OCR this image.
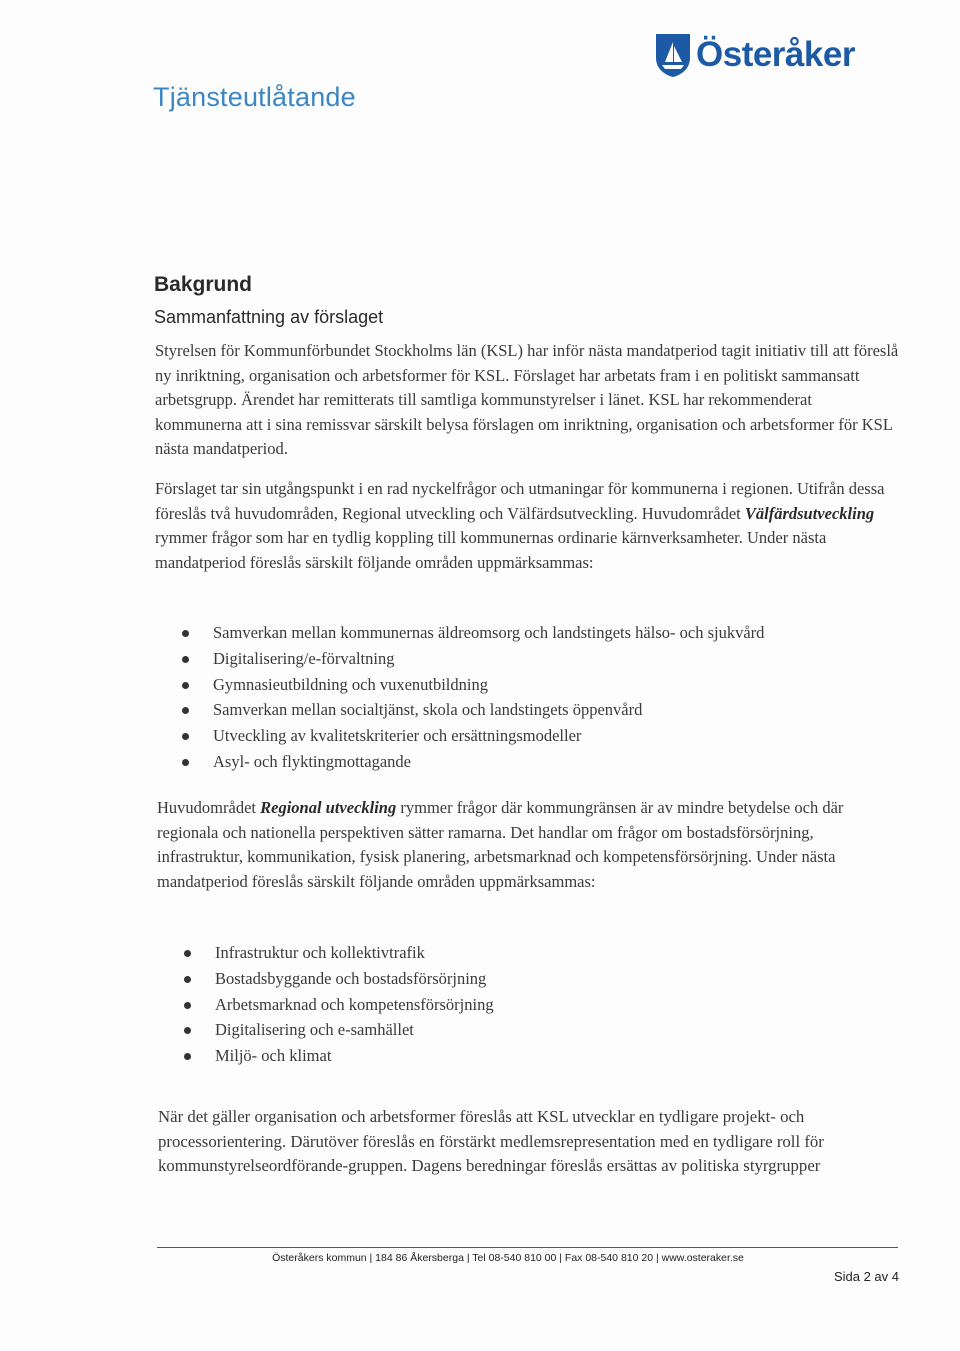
Tjänsteutlåtande
Österåker
Bakgrund
Sammanfattning av förslaget

Styrelsen för Kommunförbundet Stockholms län (KSL) har inför nästa mandatperiod tagit initiativ till att föreslå ny inriktning, organisation och arbetsformer för KSL. Förslaget har arbetats fram i en politiskt sammansatt arbetsgrupp. Ärendet har remitterats till samtliga kommunstyrelser i länet. KSL har rekommenderat kommunerna att i sina remissvar särskilt belysa förslagen om inriktning, organisation och arbetsformer för KSL nästa mandatperiod.

Förslaget tar sin utgångspunkt i en rad nyckelfrågor och utmaningar för kommunerna i regionen. Utifrån dessa föreslås två huvudområden, Regional utveckling och Välfärdsutveckling. Huvudområdet Välfärdsutveckling rymmer frågor som har en tydlig koppling till kommunernas ordinarie kärnverksamheter. Under nästa mandatperiod föreslås särskilt följande områden uppmärksammas:

Samverkan mellan kommunernas äldreomsorg och landstingets hälso- och sjukvård
Digitalisering/e-förvaltning
Gymnasieutbildning och vuxenutbildning
Samverkan mellan socialtjänst, skola och landstingets öppenvård
Utveckling av kvalitetskriterier och ersättningsmodeller
Asyl- och flyktingmottagande

Huvudområdet Regional utveckling rymmer frågor där kommungränsen är av mindre betydelse och där regionala och nationella perspektiven sätter ramarna. Det handlar om frågor om bostadsförsörjning, infrastruktur, kommunikation, fysisk planering, arbetsmarknad och kompetensförsörjning. Under nästa mandatperiod föreslås särskilt följande områden uppmärksammas:

Infrastruktur och kollektivtrafik
Bostadsbyggande och bostadsförsörjning
Arbetsmarknad och kompetensförsörjning
Digitalisering och e-samhället
Miljö- och klimat

När det gäller organisation och arbetsformer föreslås att KSL utvecklar en tydligare projekt- och processorientering. Därutöver föreslås en förstärkt medlemsrepresentation med en tydligare roll för kommunstyrelseordförande-gruppen. Dagens beredningar föreslås ersättas av politiska styrgrupper

Österåkers kommun | 184 86 Åkersberga | Tel 08-540 810 00 | Fax 08-540 810 20 | www.osteraker.se
Sida 2 av 4
